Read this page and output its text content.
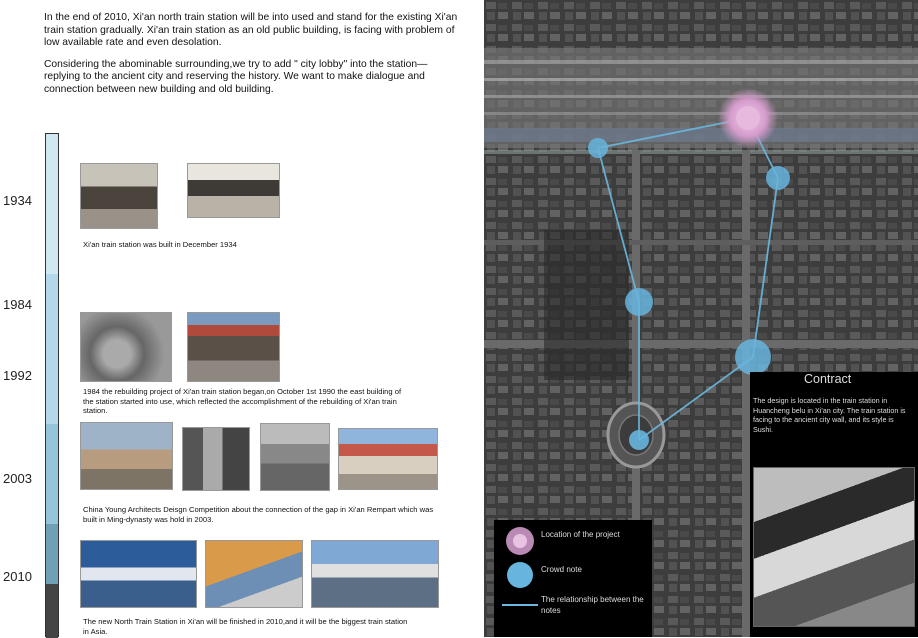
In the end of 2010, Xi'an north train station will be into used and stand for the existing Xi'an train station gradually. Xi'an train station as an old public building, is facing with problem of low available rate and even desolation.

Considering the abominable surrounding,we try to add " city lobby" into the station— replying to the ancient city and reserving the history. We want to make dialogue and connection between new building and old building.

1934
1984
1992
2003
2010
Xi'an train station was built in December 1934
1984 the rebuilding project of Xi'an train station began,on October 1st 1990 the east building of the station started into use, which reflected the accomplishment of the rebuilding of Xi'an train station.
China Young Architects Deisgn Competition about the connection of the gap in Xi'an Rempart which was built in Ming-dynasty was hold in 2003.
The new North Train Station in Xi'an will be finished in 2010,and it will be the biggest train station in Asia.
Contract
The design is located in the train station in Huancheng belu in Xi'an city. The train station is facing to the ancient city wall, and its style is Sushi.
Location of the project
Crowd note
The relationship between the notes
